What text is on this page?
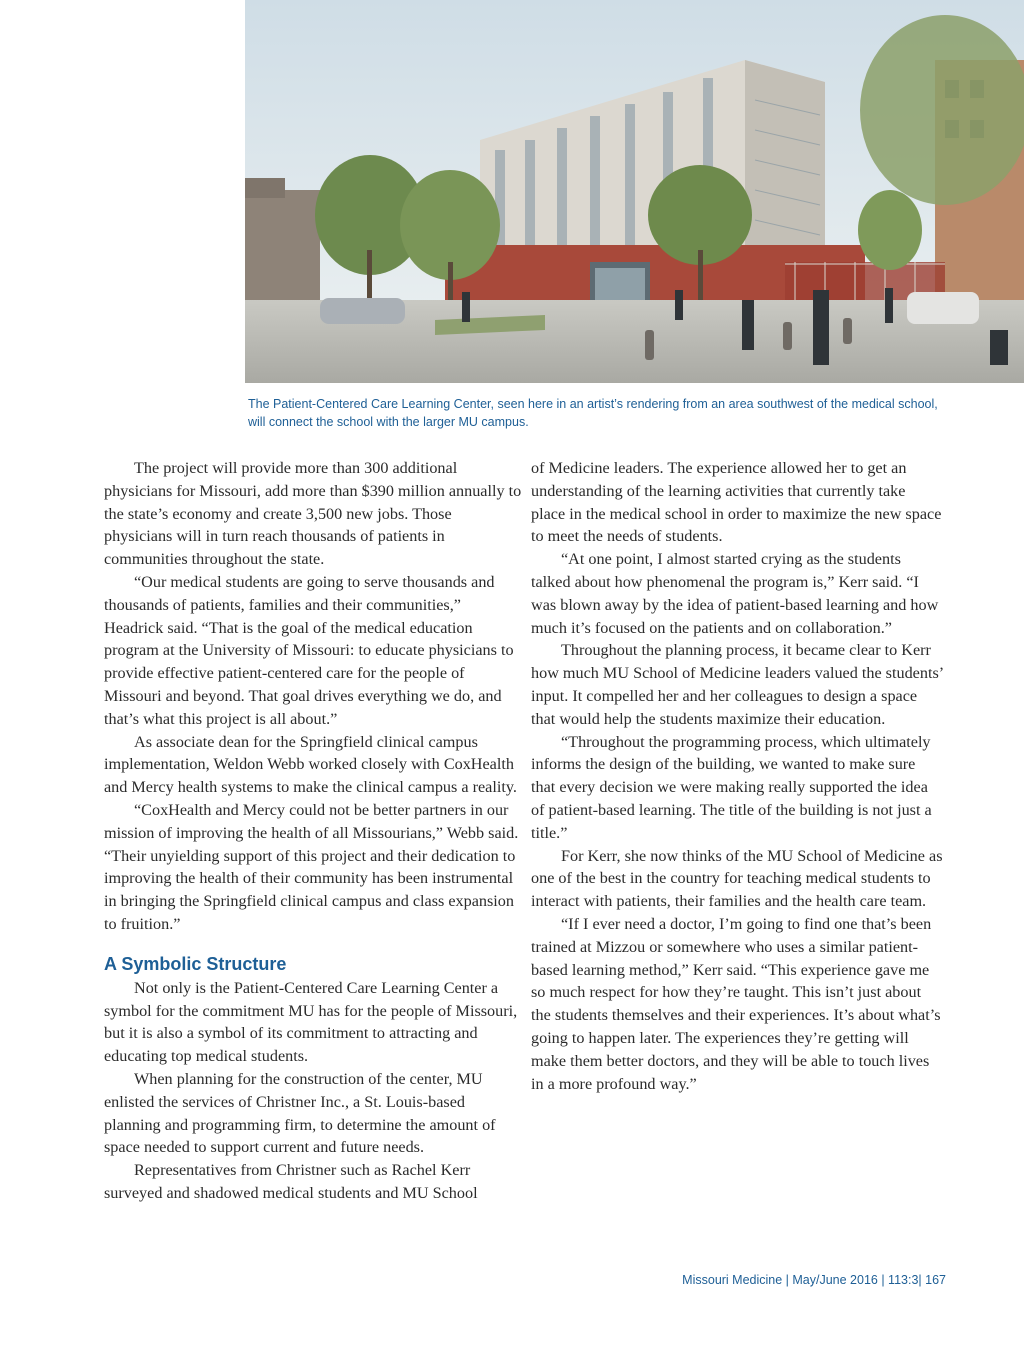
The Patient-Centered Care Learning Center, seen here in an artist’s rendering from an area southwest of the medical school, will connect the school with the larger MU campus.

The project will provide more than 300 additional physicians for Missouri, add more than $390 million annually to the state’s economy and create 3,500 new jobs. Those physicians will in turn reach thousands of patients in communities throughout the state.

“Our medical students are going to serve thousands and thousands of patients, families and their communities,” Headrick said. “That is the goal of the medical education program at the University of Missouri: to educate physicians to provide effective patient-centered care for the people of Missouri and beyond. That goal drives everything we do, and that’s what this project is all about.”

As associate dean for the Springfield clinical campus implementation, Weldon Webb worked closely with CoxHealth and Mercy health systems to make the clinical campus a reality.

“CoxHealth and Mercy could not be better partners in our mission of improving the health of all Missourians,” Webb said. “Their unyielding support of this project and their dedication to improving the health of their community has been instrumental in bringing the Springfield clinical campus and class expansion to fruition.”

A Symbolic Structure

Not only is the Patient-Centered Care Learning Center a symbol for the commitment MU has for the people of Missouri, but it is also a symbol of its commitment to attracting and educating top medical students.

When planning for the construction of the center, MU enlisted the services of Christner Inc., a St. Louis-based planning and programming firm, to determine the amount of space needed to support current and future needs.

Representatives from Christner such as Rachel Kerr surveyed and shadowed medical students and MU School

of Medicine leaders. The experience allowed her to get an understanding of the learning activities that currently take place in the medical school in order to maximize the new space to meet the needs of students.

“At one point, I almost started crying as the students talked about how phenomenal the program is,” Kerr said. “I was blown away by the idea of patient-based learning and how much it’s focused on the patients and on collaboration.”

Throughout the planning process, it became clear to Kerr how much MU School of Medicine leaders valued the students’ input. It compelled her and her colleagues to design a space that would help the students maximize their education.

“Throughout the programming process, which ultimately informs the design of the building, we wanted to make sure that every decision we were making really supported the idea of patient-based learning. The title of the building is not just a title.”

For Kerr, she now thinks of the MU School of Medicine as one of the best in the country for teaching medical students to interact with patients, their families and the health care team.

“If I ever need a doctor, I’m going to find one that’s been trained at Mizzou or somewhere who uses a similar patient-based learning method,” Kerr said. “This experience gave me so much respect for how they’re taught. This isn’t just about the students themselves and their experiences. It’s about what’s going to happen later. The experiences they’re getting will make them better doctors, and they will be able to touch lives in a more profound way.”

Missouri Medicine | May/June 2016 | 113:3| 167
